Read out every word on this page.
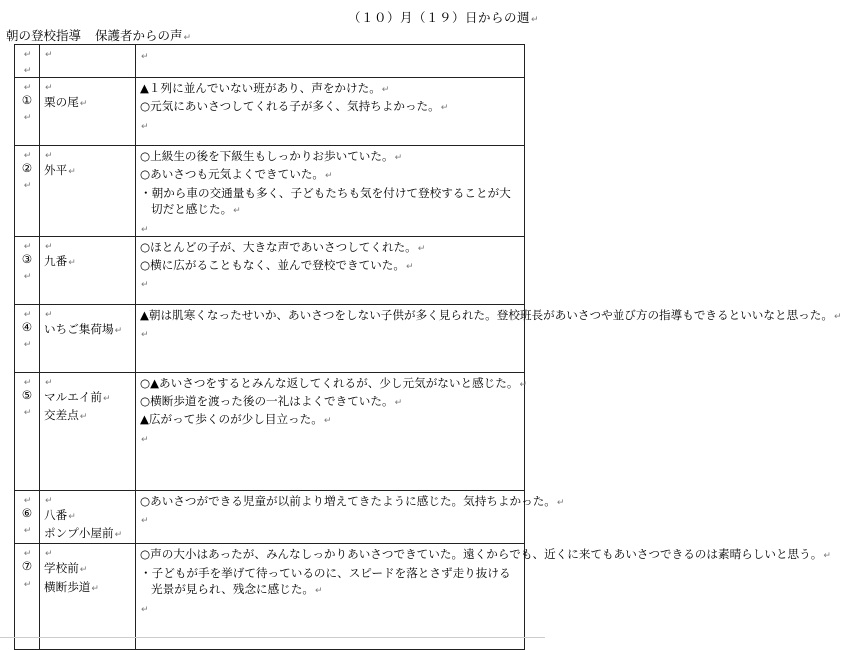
（１０）月（１９）日からの週↵
朝の登校指導 保護者からの声↵
↵
↵	↵	↵

↵
①
↵	↵
栗の尾↵	▲１列に並んでいない班があり、声をかけた。↵
○元気にあいさつしてくれる子が多く、気持ちよかった。↵
↵

↵
②
↵	↵
外平↵	○上級生の後を下級生もしっかりお歩いていた。↵
○あいさつも元気よくできていた。↵
・朝から車の交通量も多く、子どもたちも気を付けて登校することが大切だと感じた。↵
↵

↵
③
↵	↵
九番↵	○ほとんどの子が、大きな声であいさつしてくれた。↵
○横に広がることもなく、並んで登校できていた。↵
↵

↵
④
↵	↵
いちご集荷場↵	▲朝は肌寒くなったせいか、あいさつをしない子供が多く見られた。登校班長があいさつや並び方の指導もできるといいなと思った。↵
↵

↵
⑤
↵	↵
マルエイ前↵
交差点↵	○▲あいさつをするとみんな返してくれるが、少し元気がないと感じた。↵
○横断歩道を渡った後の一礼はよくできていた。↵
▲広がって歩くのが少し目立った。↵
↵

↵
⑥
↵	↵
八番↵
ポンプ小屋前↵	○あいさつができる児童が以前より増えてきたように感じた。気持ちよかった。↵
↵

↵
⑦
↵	↵
学校前↵
横断歩道↵	○声の大小はあったが、みんなしっかりあいさつできていた。遠くからでも、近くに来てもあいさつできるのは素晴らしいと思う。↵
・子どもが手を挙げて待っているのに、スピードを落とさず走り抜ける光景が見られ、残念に感じた。↵
↵
